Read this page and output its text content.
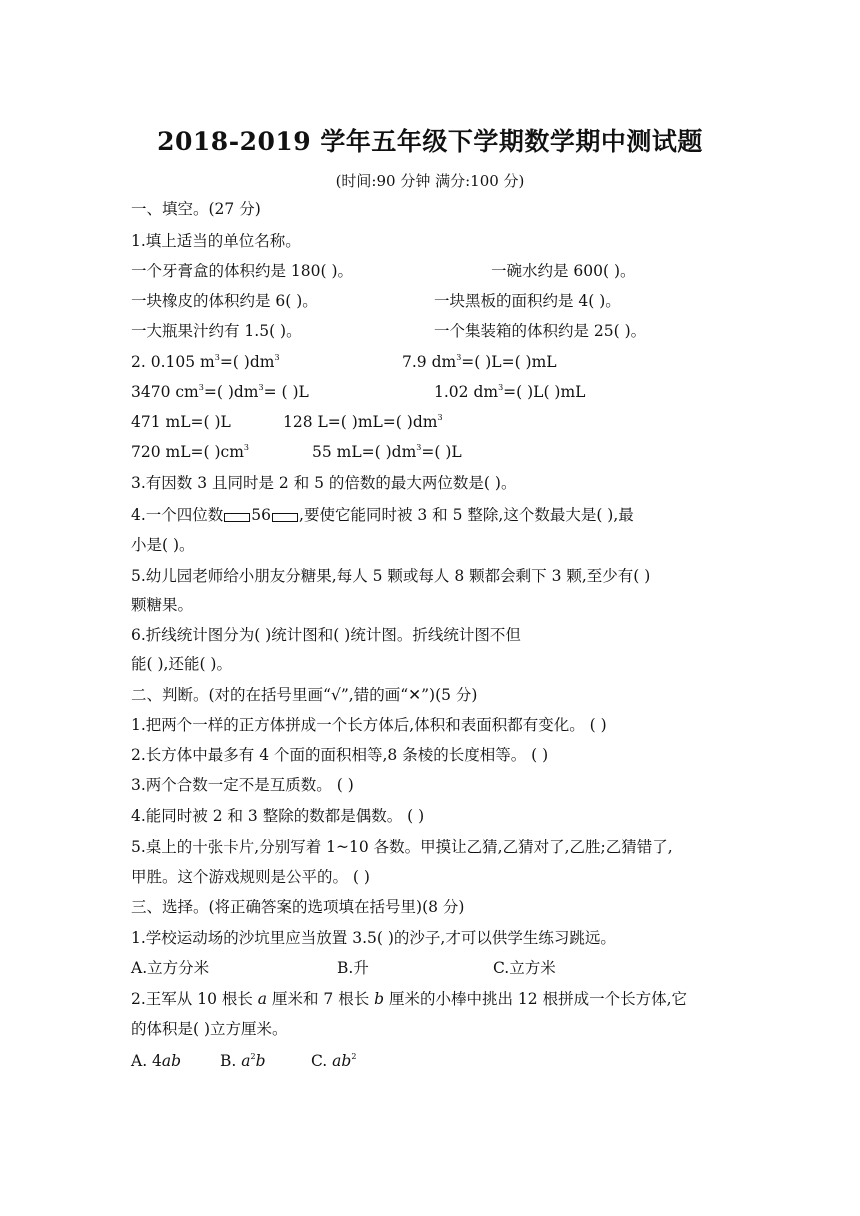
2018-2019 学年五年级下学期数学期中测试题
(时间:90 分钟 满分:100 分)
一、填空。(27 分)
1.填上适当的单位名称。
一个牙膏盒的体积约是 180( )。	一碗水约是 600( )。
一块橡皮的体积约是 6( )。	一块黑板的面积约是 4( )。
一大瓶果汁约有 1.5( )。	一个集装箱的体积约是 25( )。
2. 0.105 $m^3=$( )$dm^3$	7.9 $dm^3=$( )L=( )mL
3470 $cm^3=$( )$dm^3=$ ( )L	1.02 $dm^3=$( )L( )mL
471 mL=( )L	128 L=( )mL=( )$dm^3$
720 mL=( )$cm^3$	55 mL=( )$dm^3=$( )L
3.有因数 3 且同时是 2 和 5 的倍数的最大两位数是( )。
4.一个四位数 56 ,要使它能同时被 3 和 5 整除,这个数最大是( ),最
小是( )。
5.幼儿园老师给小朋友分糖果,每人 5 颗或每人 8 颗都会剩下 3 颗,至少有( )
颗糖果。
6.折线统计图分为( )统计图和( )统计图。折线统计图不但
能( ),还能( )。
二、判断。(对的在括号里画“√”,错的画“✕”)(5 分)
1.把两个一样的正方体拼成一个长方体后,体积和表面积都有变化。 ( )
2.长方体中最多有 4 个面的面积相等,8 条棱的长度相等。 ( )
3.两个合数一定不是互质数。 ( )
4.能同时被 2 和 3 整除的数都是偶数。 ( )
5.桌上的十张卡片,分别写着 1~10 各数。甲摸让乙猜,乙猜对了,乙胜;乙猜错了,
甲胜。这个游戏规则是公平的。 ( )
三、选择。(将正确答案的选项填在括号里)(8 分)
1.学校运动场的沙坑里应当放置 3.5( )的沙子,才可以供学生练习跳远。
A.立方分米	B.升	C.立方米
2.王军从 10 根长 a 厘米和 7 根长 b 厘米的小棒中挑出 12 根拼成一个长方体,它
的体积是( )立方厘米。
A. 4ab	B. $a^2b$	C. $ab^2$
